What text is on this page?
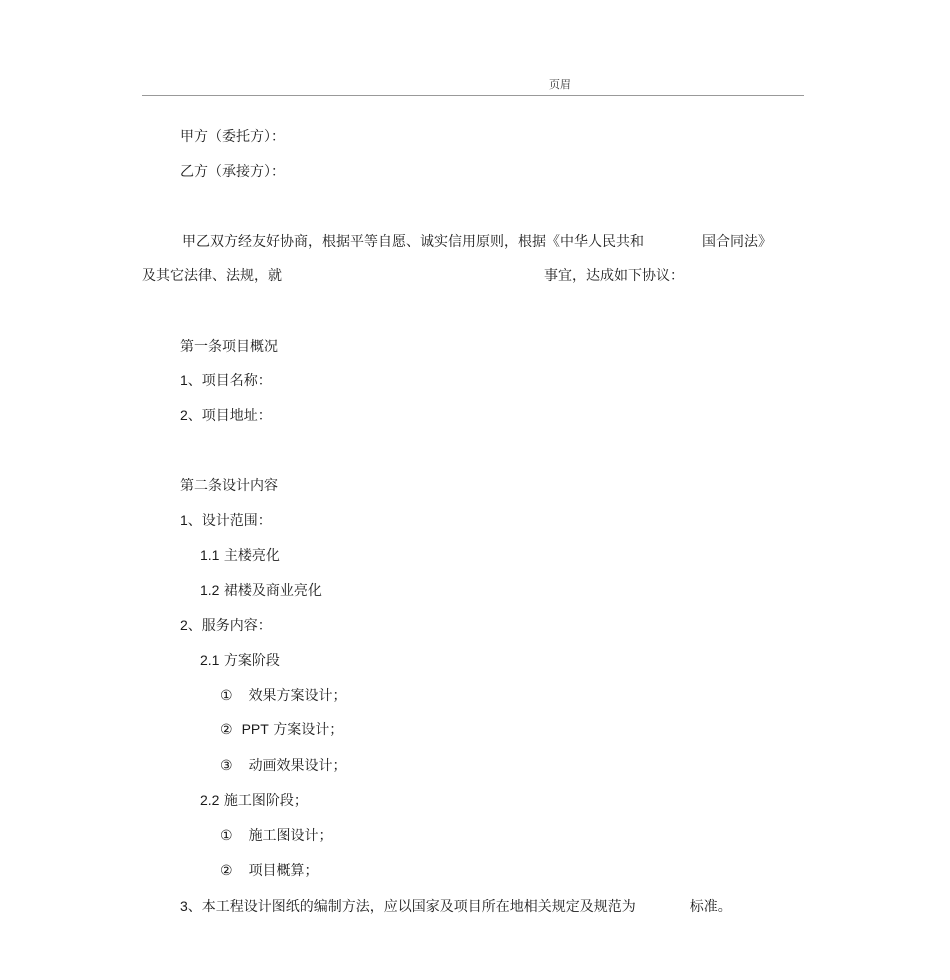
页眉
甲方（委托方）：
乙方（承接方）：
甲乙双方经友好协商，根据平等自愿、诚实信用原则，根据《中华人民共和	国合同法》
及其它法律、法规，就	事宜，达成如下协议：
第一条项目概况
1、项目名称：
2、项目地址：
第二条设计内容
1、设计范围：
1.1 主楼亮化
1.2 裙楼及商业亮化
2、服务内容：
2.1 方案阶段
① 效果方案设计；
② PPT 方案设计；
③ 动画效果设计；
2.2 施工图阶段；
① 施工图设计；
② 项目概算；
3、本工程设计图纸的编制方法，应以国家及项目所在地相关规定及规范为	标准。
